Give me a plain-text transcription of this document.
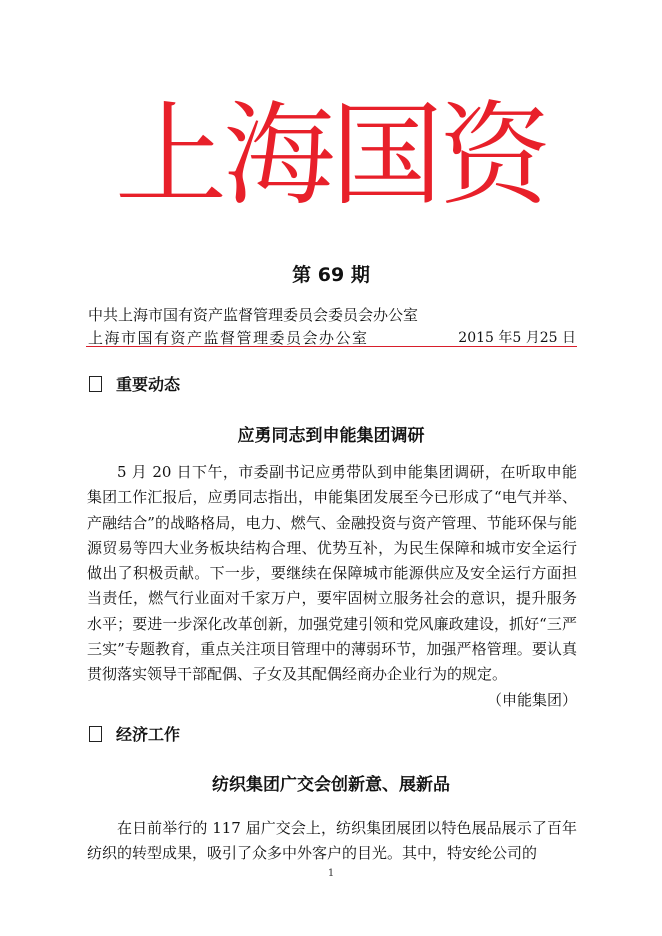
上海国资
第 69 期
中共上海市国有资产监督管理委员会委员会办公室
上海市国有资产监督管理委员会办公室	2015 年5 月25 日
重要动态
应勇同志到申能集团调研

5 月 20 日下午，市委副书记应勇带队到申能集团调研，在听取申能集团工作汇报后，应勇同志指出，申能集团发展至今已形成了“电气并举、产融结合”的战略格局，电力、燃气、金融投资与资产管理、节能环保与能源贸易等四大业务板块结构合理、优势互补，为民生保障和城市安全运行做出了积极贡献。下一步，要继续在保障城市能源供应及安全运行方面担当责任，燃气行业面对千家万户，要牢固树立服务社会的意识，提升服务水平；要进一步深化改革创新，加强党建引领和党风廉政建设，抓好“三严三实”专题教育，重点关注项目管理中的薄弱环节，加强严格管理。要认真贯彻落实领导干部配偶、子女及其配偶经商办企业行为的规定。
（申能集团）

经济工作
纺织集团广交会创新意、展新品

在日前举行的 117 届广交会上，纺织集团展团以特色展品展示了百年纺织的转型成果，吸引了众多中外客户的目光。其中，特安纶公司的

1
